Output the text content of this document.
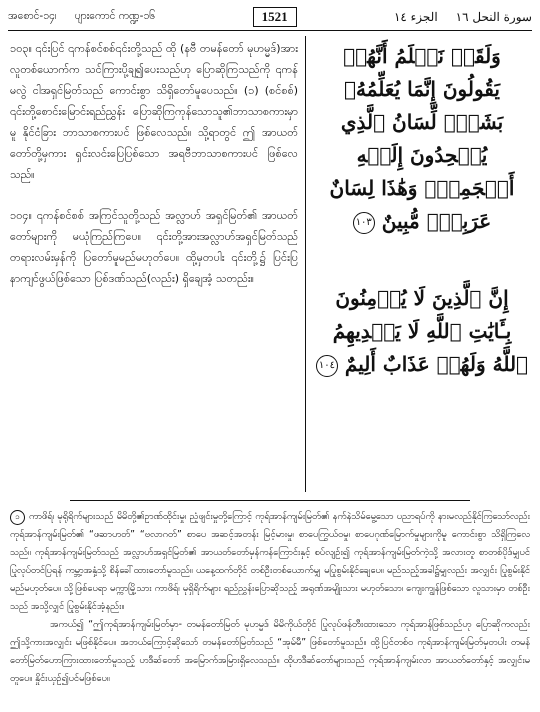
အစောင်-၁၄၊ ပျားကောင် ကဏ္ဍ-၁၆	1521	الجزء ١٤ سورة النحل ١٦

၁၀၃။ ၎င်းပြင် ၎ကန်စင်စစ်၎င်းတို့သည် ထို (နဗီ တမန်တော် မုဟမ္မဒ်)အား လူတစ်ယောက်က သင်ကြားပို့ချ၍ပေးသည်ဟု ပြောဆိုကြသည်ကို ၎ကန်မလွဲ ငါအရှင်မြတ်သည် ကောင်းစွာ သိရှိတော်မူပေသည်။ (၁) (စင်စစ်) ၎င်းတို့စောင်းမြောင်းရည်ညွှန်း ပြောဆိုကြကုန်သောသူ၏ဘာသာစကားမှာမူ နိုင်ငံခြား ဘာသာစကားပင် ဖြစ်လေသည်။ သို့ရာတွင် ဤ အာယတ်တော်တို့မှကား ရှင်းလင်းပြေပြစ်သော အရဗီဘာသာစကားပင် ဖြစ်လေသည်။

၁၀၄။ ၎ကန်စင်စစ် အကြင်သူတို့သည် အလ္လာဟ် အရှင်မြတ်၏ အာယတ်တော်များကို မယုံကြည်ကြပေ။ ၎င်းတို့အားအလ္လာဟ်အရှင်မြတ်သည်တရားလမ်းမှန်ကို ပြတော်မူမည်မဟုတ်ပေ။ ထို့မှတပါး ၎င်းတို့၌ ပြင်းပြ နာကျင်ဖွယ်ဖြစ်သော ပြစ်ဒဏ်သည်(လည်း) ရှိချေအံ့ သတည်း။

وَلَقَدۡ نَعۡلَمُ أَنَّهُمۡ يَقُولُونَ إِنَّمَا يُعَلِّمُهُۥ بَشَرٞۗ لِّسَانُ ٱلَّذِي يُلۡحِدُونَ إِلَيۡهِ أَعۡجَمِيّٞ وَهَٰذَا لِسَانٌ عَرَبِيّٞ مُّبِينٌ ١٠٣
إِنَّ ٱلَّذِينَ لَا يُؤۡمِنُونَ بِـَٔايَٰتِ ٱللَّهِ لَا يَهۡدِيهِمُ ٱللَّهُ وَلَهُمۡ عَذَابٌ أَلِيمٌ ١٠٤

၁ ကာဖိရ်၊ မုရိုရိက်များသည် မိမိတို့၏ဥာဏ်ထိုင်းမှု၊ ညံ့ဖျင်းမှုတို့ကြောင့် ကုရ်အာန်ကျမ်းမြတ်၏ နက်နဲသိမ်မွေ့သော ပညာရပ်ကို နားမလည်နိုင်ကြသော်လည်း ကုရ်အာန်ကျမ်းမြတ်၏ “ဖဆာဟတ်” “ဗလာဂတ်” စာပေ အဆင့်အတန်း မြင့်မားမှု၊ စာပေကြွယ်ဝမှု၊ စာပေဂုဏ်မြောက်မှုများကိုမူ ကောင်းစွာ သိရှိကြလေသည်။ ကုရ်အာန်ကျမ်းမြတ်သည် အလ္လာဟ်အရှင်မြတ်၏ အာယတ်တော်မှန်ကန်ကြောင်းနှင့် စပ်လျဉ်း၍ ကုရ်အာန်ကျမ်းမြတ်ကဲ့သို့ အလားတူ စာတစ်ပိုဒ်မျှပင် ပြုလုပ်တင်ပြရန် ကမ္ဘာ့အနှံ့သို့ စိန်ခေါ်ထားတော်မူသည်။ ယနေ့ထက်တိုင် တစ်ဦးတစ်ယောက်မျှ မပြုစွမ်းနိုင်ချေပေ။ မည်သည့်အခါ၌မျှလည်း အလျှင်း ပြုစွမ်းနိုင်မည်မဟုတ်ပေ။ သို့ဖြစ်ပေရာ မက္ကာမြို့သား ကာဖိရ်၊ မုရှိရိက်များ ရည်ညွှန်းပြောဆိုသည့် အရုဏ်အမျိုးသား မဟုတ်သော၊ ကျေးကျွန်ဖြစ်သော လူသားမှာ တစ်ဦးသည် အသို့လျှင် ပြုစွမ်းနိုင်အံ့နည်း။

အကယ်၍ “ဤကုရ်အာန်ကျမ်းမြတ်မှာ- တမန်တော်မြတ် မုဟမ္မဒ် မိမိကိုယ်တိုင် ပြုလုပ်ဖန်တီးထားသော ကုရ်အာန်ဖြစ်သည်ဟု ပြောဆိုကလည်း ဤသို့ကားအလျှင်း မဖြစ်နိုင်ပေ။ အဘယ်ကြောင့်ဆိုသော် တမန်တော်မြတ်သည် “အုမ်မီ” ဖြစ်တော်မူသည်။ ထို့ပြင်တစ်ဝ ကုရ်အာန်ကျမ်းမြတ်မှတပါး တမန်တော်မြတ်ဟောကြားထားတော်မူသည့် ဟဒီဆ်တော် အမြောက်အမြားရှိလေသည်။ ထိုဟဒီဆ်တော်များသည် ကုရ်အာန်ကျမ်းလာ အာယတ်တော်နှင့် အလျှင်းမတူပေ။ နှိုင်းယှဉ်၍ပင်မဖြစ်ပေ။
